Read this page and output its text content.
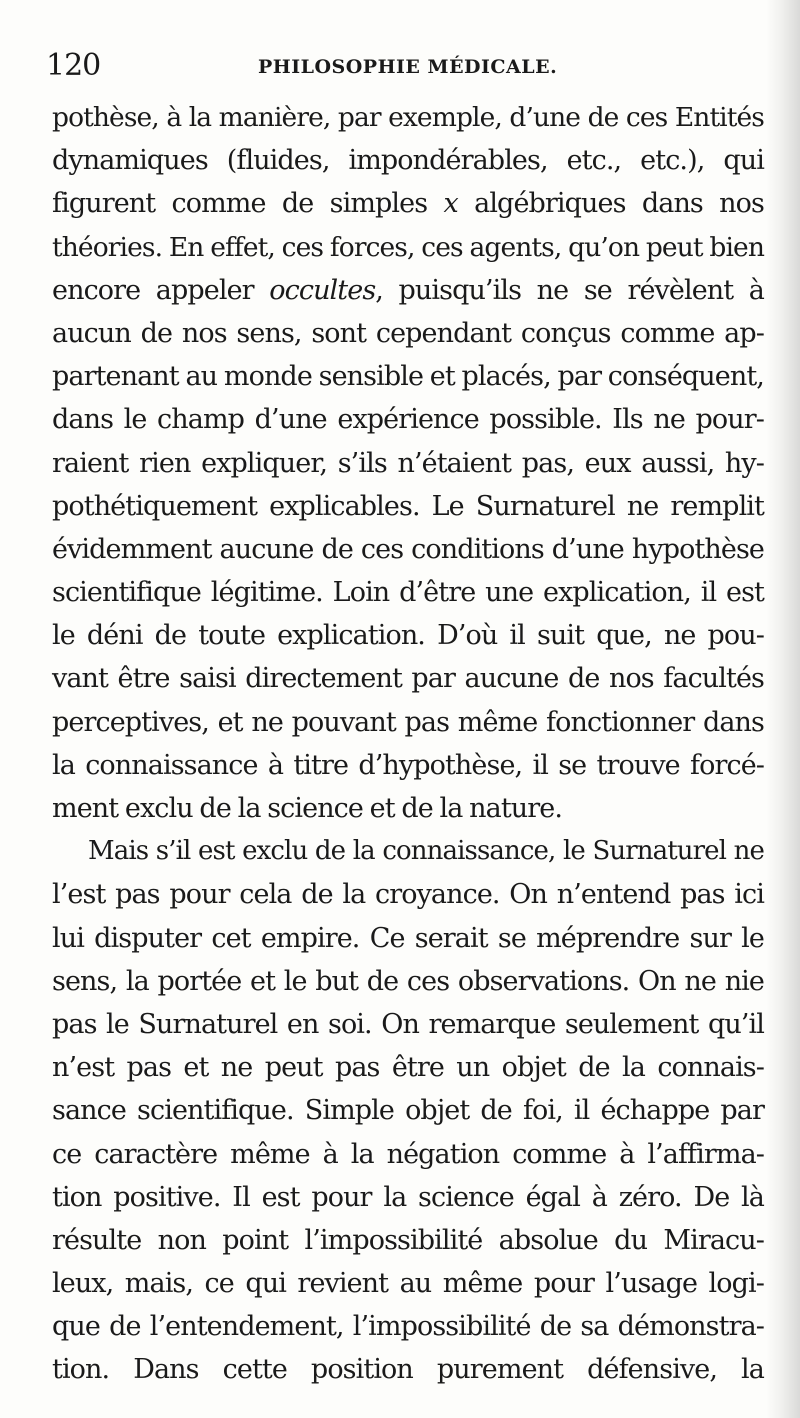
120	PHILOSOPHIE MÉDICALE.
pothèse, à la manière, par exemple, d’une de ces Entités
dynamiques (fluides, impondérables, etc., etc.), qui
figurent comme de simples x algébriques dans nos
théories. En effet, ces forces, ces agents, qu’on peut bien
encore appeler occultes, puisqu’ils ne se révèlent à
aucun de nos sens, sont cependant conçus comme ap-
partenant au monde sensible et placés, par conséquent,
dans le champ d’une expérience possible. Ils ne pour-
raient rien expliquer, s’ils n’étaient pas, eux aussi, hy-
pothétiquement explicables. Le Surnaturel ne remplit
évidemment aucune de ces conditions d’une hypothèse
scientifique légitime. Loin d’être une explication, il est
le déni de toute explication. D’où il suit que, ne pou-
vant être saisi directement par aucune de nos facultés
perceptives, et ne pouvant pas même fonctionner dans
la connaissance à titre d’hypothèse, il se trouve forcé-
ment exclu de la science et de la nature.
Mais s’il est exclu de la connaissance, le Surnaturel ne
l’est pas pour cela de la croyance. On n’entend pas ici
lui disputer cet empire. Ce serait se méprendre sur le
sens, la portée et le but de ces observations. On ne nie
pas le Surnaturel en soi. On remarque seulement qu’il
n’est pas et ne peut pas être un objet de la connais-
sance scientifique. Simple objet de foi, il échappe par
ce caractère même à la négation comme à l’affirma-
tion positive. Il est pour la science égal à zéro. De là
résulte non point l’impossibilité absolue du Miracu-
leux, mais, ce qui revient au même pour l’usage logi-
que de l’entendement, l’impossibilité de sa démonstra-
tion. Dans cette position purement défensive, la
